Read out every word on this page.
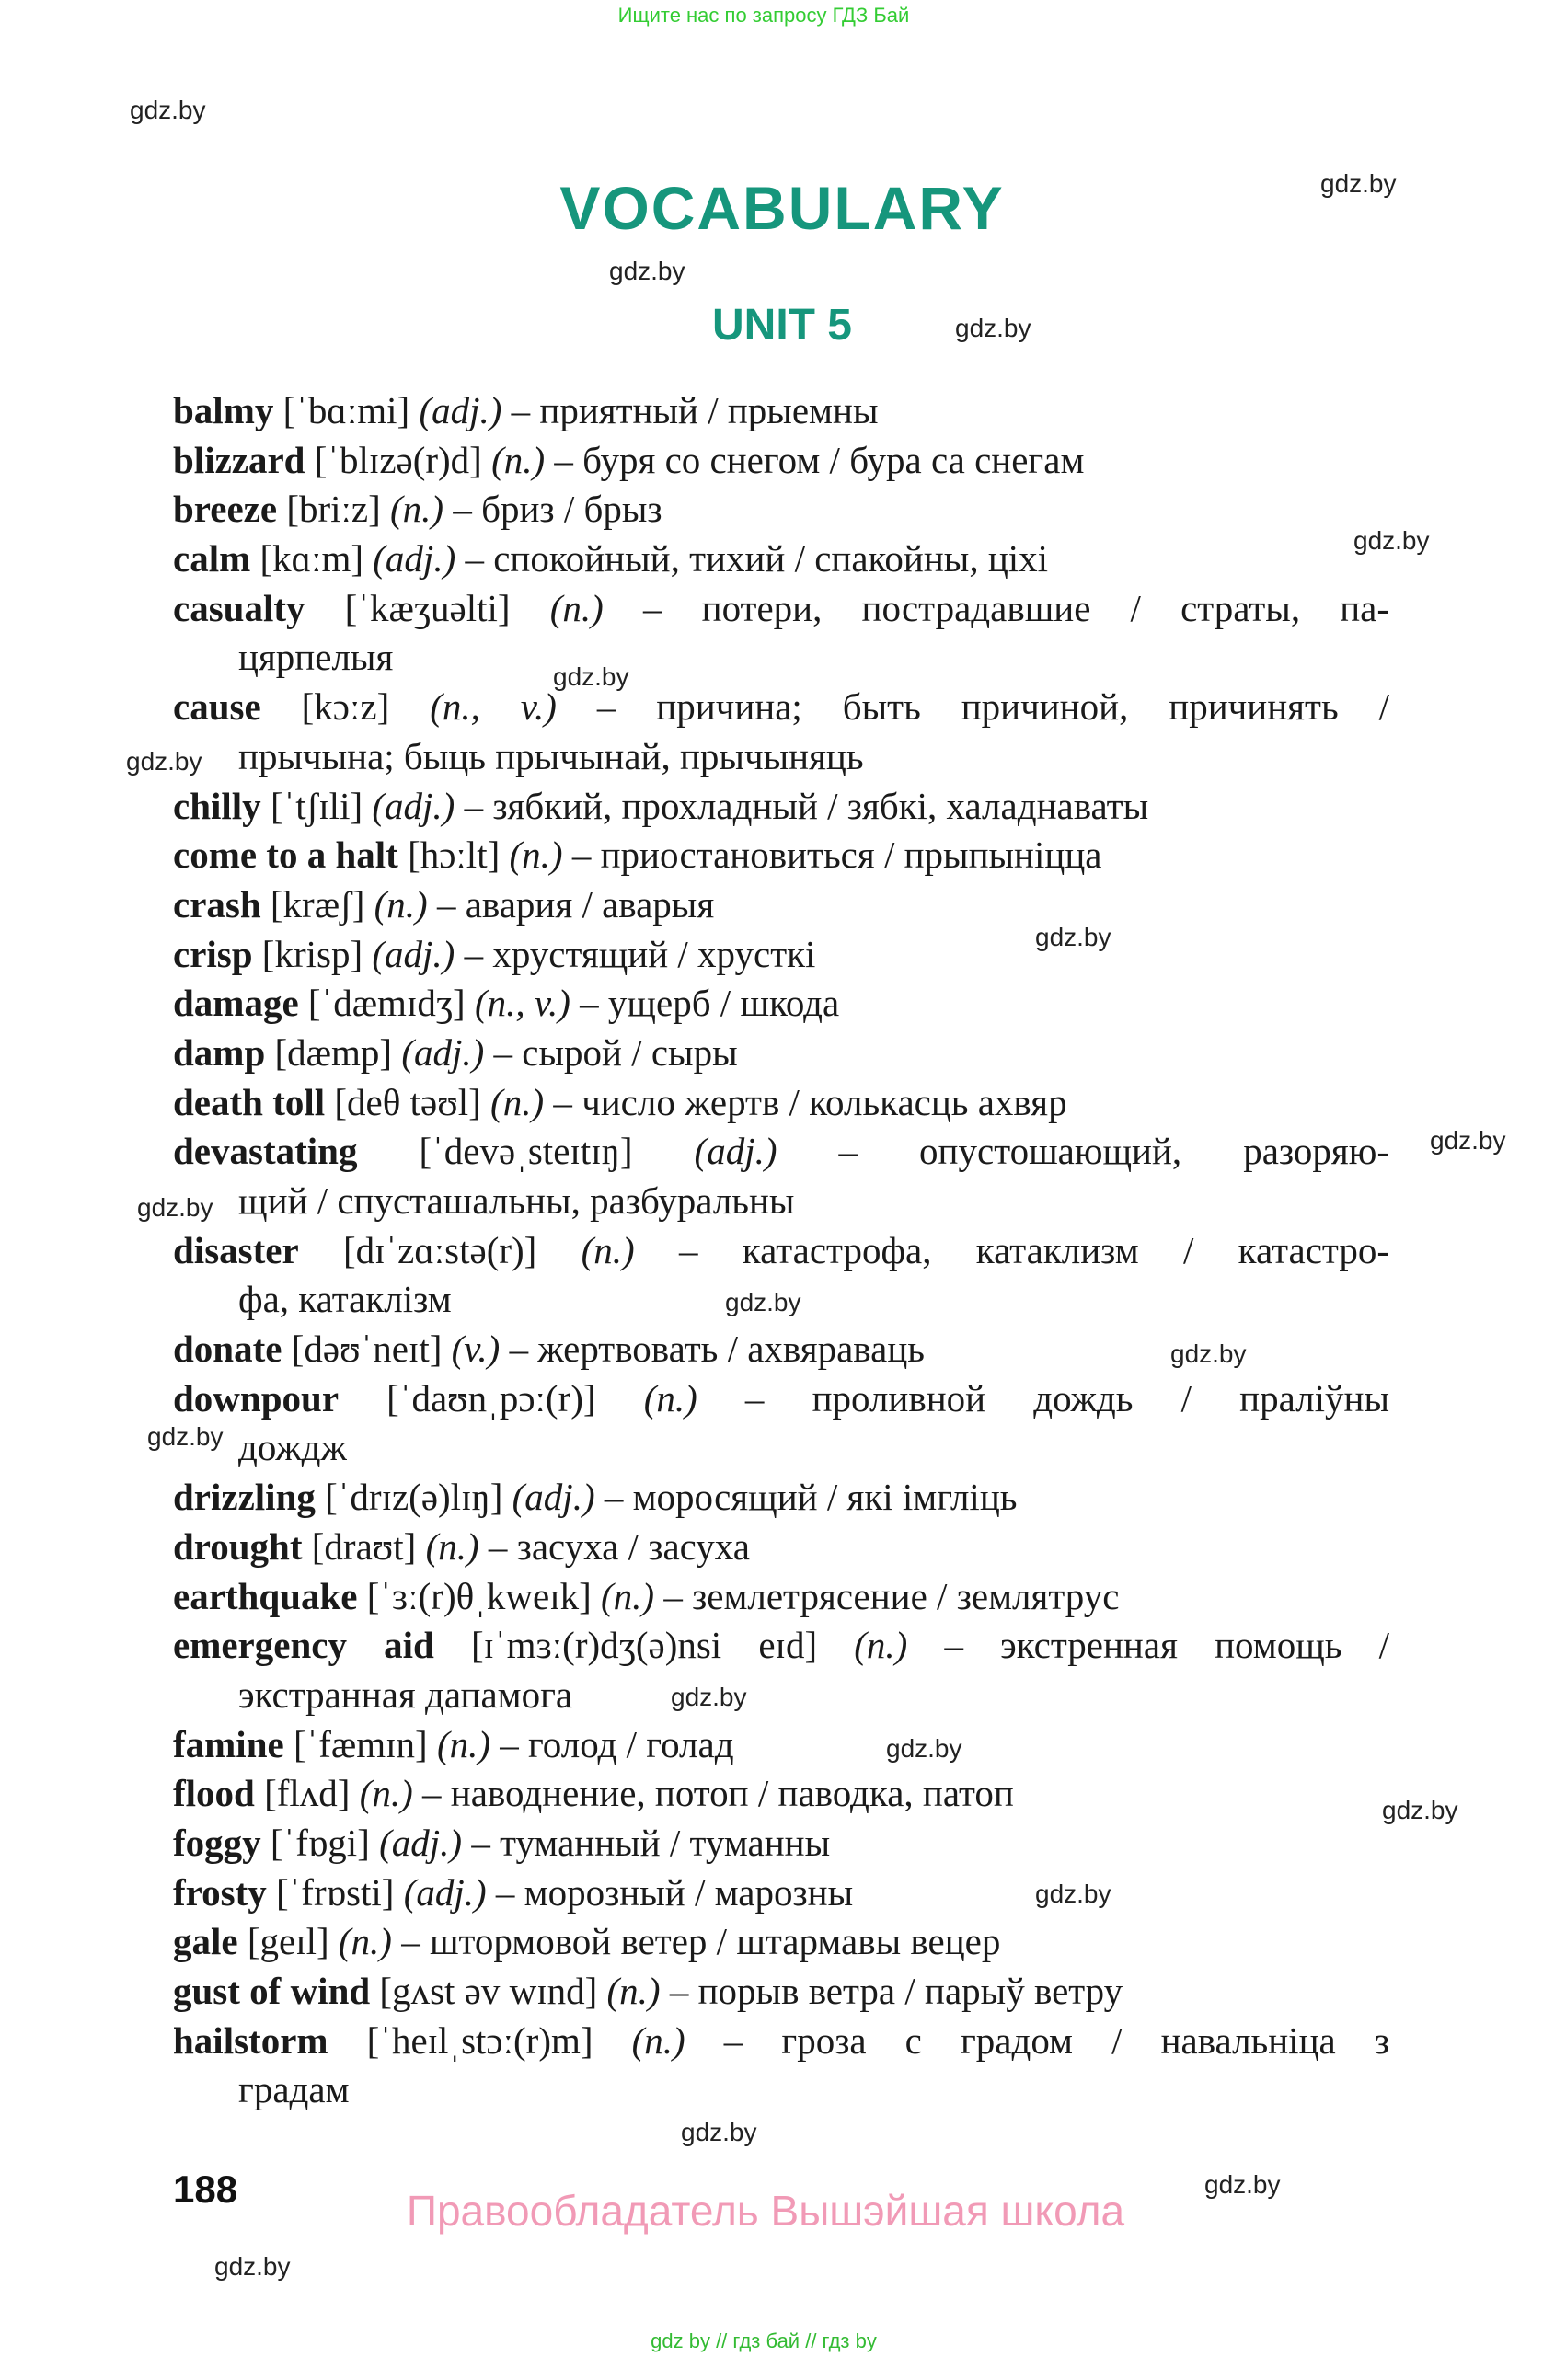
Ищите нас по запросу ГДЗ Бай
VOCABULARY
UNIT 5
balmy [ˈbɑːmi] (adj.) – приятный / прыемны
blizzard [ˈblɪzə(r)d] (n.) – буря со снегом / бура са снегам
breeze [briːz] (n.) – бриз / брыз
calm [kɑːm] (adj.) – спокойный, тихий / спакойны, ціхі
casualty [ˈkæʒuəlti] (n.) – потери, пострадавшие / страты, па-
цярпелыя
cause [kɔːz] (n., v.) – причина; быть причиной, причинять /
прычына; быць прычынай, прычыняць
chilly [ˈtʃɪli] (adj.) – зябкий, прохладный / зябкі, халаднаваты
come to a halt [hɔːlt] (n.) – приостановиться / прыпыніцца
crash [kræʃ] (n.) – авария / аварыя
crisp [krisp] (adj.) – хрустящий / хрусткі
damage [ˈdæmɪdʒ] (n., v.) – ущерб / шкода
damp [dæmp] (adj.) – сырой / сыры
death toll [deθ təʊl] (n.) – число жертв / колькасць ахвяр
devastating [ˈdevəˌsteɪtɪŋ] (adj.) – опустошающий, разоряю-
щий / спусташальны, разбуральны
disaster [dɪˈzɑːstə(r)] (n.) – катастрофа, катаклизм / катастро-
фа, катаклізм
donate [dəʊˈneɪt] (v.) – жертвовать / ахвяраваць
downpour [ˈdaʊnˌpɔː(r)] (n.) – проливной дождь / праліўны
дождж
drizzling [ˈdrɪz(ə)lɪŋ] (adj.) – моросящий / які імгліць
drought [draʊt] (n.) – засуха / засуха
earthquake [ˈɜː(r)θˌkweɪk] (n.) – землетрясение / землятрус
emergency aid [ɪˈmɜː(r)dʒ(ə)nsi eɪd] (n.) – экстренная помощь /
экстранная дапамога
famine [ˈfæmɪn] (n.) – голод / голад
flood [flʌd] (n.) – наводнение, потоп / паводка, патоп
foggy [ˈfɒgi] (adj.) – туманный / туманны
frosty [ˈfrɒsti] (adj.) – морозный / марозны
gale [geɪl] (n.) – штормовой ветер / штармавы вецер
gust of wind [gʌst əv wɪnd] (n.) – порыв ветра / парыў ветру
hailstorm [ˈheɪlˌstɔː(r)m] (n.) – гроза с градом / навальніца з
градам
gdz.by
gdz.by
gdz.by
gdz.by
gdz.by
gdz.by
gdz.by
gdz.by
gdz.by
gdz.by
gdz.by
gdz.by
gdz.by
gdz.by
gdz.by
gdz.by
gdz.by
gdz.by
gdz.by
gdz.by
188	Правообладатель Вышэйшая школа
gdz by // гдз бай // гдз by
